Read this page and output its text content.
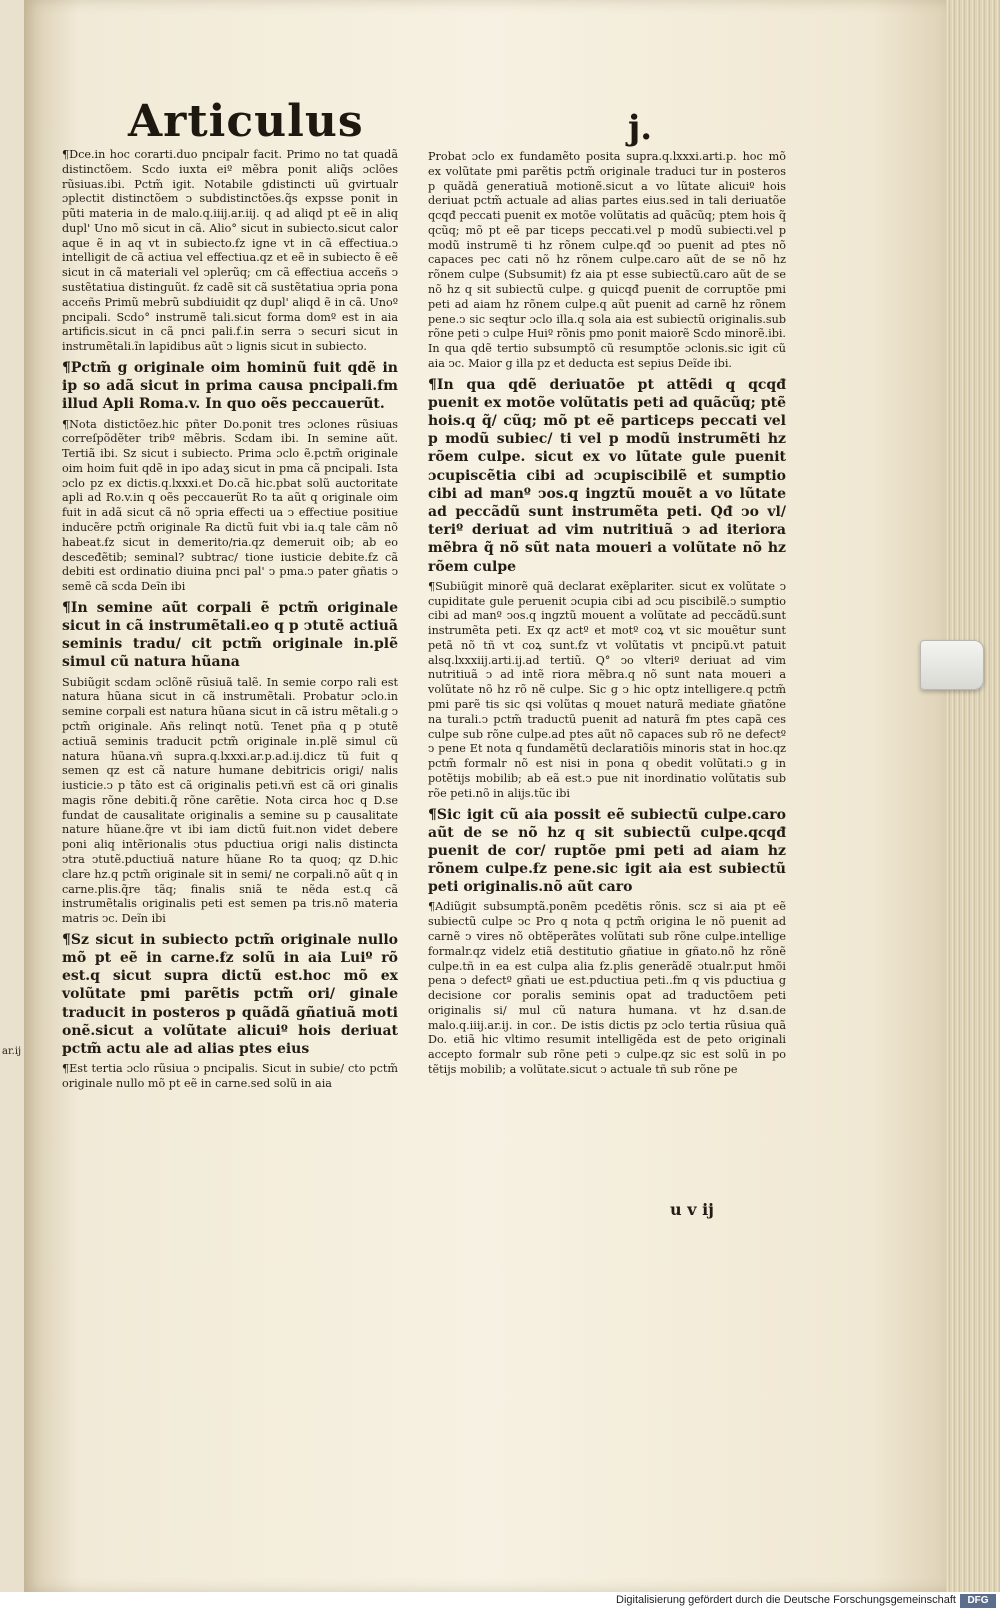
Articulus	j.
ar.ij

¶Dce.in hoc corarti.duo pncipalr facit. Primo no tat quadã distinctõem. Scdo iuxta eiº mẽbra ponit aliq̃s ɔclões rũsiuas.ibi. Pctm̃ igit. Notabile gdistincti uũ gvirtualr ɔplectit distinctõem ↄ subdistinctões.q̃s expsse ponit in pũti materia in de malo.q.iiij.ar.iij. q ad aliqd pt eẽ in aliq dupl' Uno mõ sicut in cã. Alio° sicut in subiecto.sicut calor aque ẽ in aq vt in subiecto.ẜz igne vt in cã effectiua.ↄ intelligit de cã actiua vel effectiua.qz et eẽ in subiecto ẽ eẽ sicut in cã materiali vel ↄplerũq; cm cã effectiua acceñs ↄ sustẽtatiua distinguũt. ẜz cadẽ sit cã sustẽtatiua ↄpria pona acceñs Primũ mebrũ subdiuidit qz dupl' aliqd ẽ in cã. Unoº pncipali. Scdo° instrumẽ tali.sicut forma domº est in aia artificis.sicut in cã pnci pali.f.in serra ↄ securi sicut in instrumẽtali.ĩn lapidibus aũt ↄ lignis sicut in subiecto.

¶Pctm̃ g originale oim hominũ fuit qdẽ in ip so adã sicut in prima causa pncipali.fm illud Apli Roma.v. In quo oẽs peccauerũt.

¶Nota distictõez.hic pñter Do.ponit tres ɔclones rũsiuas correſpõdẽter tribº mẽbris. Scdam ibi. In semine aũt. Tertiã ibi. Sz sicut i subiecto. Prima ɔclo ẽ.pctm̃ originale oim hoim fuit qdẽ in ipo adaʒ sicut in pma cã pncipali. Ista ɔclo pz ex dictis.q.lxxxi.et Do.cã hic.pbat solũ auctoritate apli ad Ro.v.in q oẽs peccauerũt Ro ta aũt q originale oim fuit in adã sicut cã nõ ↄpria effecti ua ↄ effectiue positiue inducẽre pctm̃ originale Ra dictũ fuit vbi ia.q tale cãm nõ habeat.ẜz sicut in demerito/ria.qz demeruit oib; ab eo desceđẽtib; seminal? subtrac/ tione iusticie debite.ẜz cã debiti est ordinatio diuina pnci pal' ↄ pma.ↄ pater gñatis ↄ semẽ cã scda Deĩn ibi

¶In semine aũt corpali ẽ pctm̃ originale sicut in cã instrumẽtali.eo q p ↄtutẽ actiuã seminis tradu/ cit pctm̃ originale in.plẽ simul cũ natura hũana

Subiũgit scdam ɔclõnẽ rũsiuã talẽ. In semie corpo rali est natura hũana sicut in cã instrumẽtali. Probatur ɔclo.in semine corpali est natura hũana sicut in cã istru mẽtali.g ↄ pctm̃ originale. Añs relinqt notũ. Tenet pña q p ↄtutẽ actiuã seminis traducit pctm̃ originale in.plẽ simul cũ natura hũana.vñ supra.q.lxxxi.ar.p.ad.ij.dicz tũ fuit q semen qz est cã nature humane debitricis origi/ nalis iusticie.ↄ p tãto est cã originalis peti.vñ est cã ori ginalis magis rõne debiti.q̃ rõne carẽtie. Nota circa hoc q D.se fundat de causalitate originalis a semine su p causalitate nature hũane.q̃re vt ibi iam dictũ fuit.non videt debere poni aliq intẽrionalis ↄtus pductiua origi nalis distincta ↄtra ↄtutẽ.pductiuã nature hũane Ro ta quoq; qz D.hic clare hz.q pctm̃ originale sit in semi/ ne corpali.nõ aũt q in carne.plis.q̃re tãq; finalis sniã te nẽda est.q cã instrumẽtalis originalis peti est semen pa tris.nõ materia matris ↄc. Deĩn ibi

¶Sz sicut in subiecto pctm̃ originale nullo mõ pt eẽ in carne.ẜz solũ in aia Luiº rõ est.q sicut supra dictũ est.hoc mõ ex volũtate pmi parẽtis pctm̃ ori/ ginale traducit in posteros p quãdã gñatiuã moti onẽ.sicut a volũtate alicuiº hois deriuat pctm̃ actu ale ad alias ptes eius

¶Est tertia ɔclo rũsiua ↄ pncipalis. Sicut in subie/ cto pctm̃ originale nullo mõ pt eẽ in carne.sed solũ in aia

Probat ɔclo ex fundamẽto posita supra.q.lxxxi.arti.p. hoc mõ ex volũtate pmi parẽtis pctm̃ originale traduci tur in posteros p quãdã generatiuã motionẽ.sicut a vo lũtate alicuiº hois deriuat pctm̃ actuale ad alias partes eius.sed in tali deriuatõe qcqđ peccati puenit ex motõe volũtatis ad quãcũq; ptem hois q̃ qcũq; mõ pt eẽ par ticeps peccati.vel p modũ subiecti.vel p modũ instrumẽ ti hz rõnem culpe.qđ ↄo puenit ad ptes nõ capaces pec cati nõ hz rõnem culpe.caro aũt de se nõ hz rõnem culpe (Subsumit) ẜz aia pt esse subiectũ.caro aũt de se nõ hz q sit subiectũ culpe. g quicqđ puenit de corruptõe pmi peti ad aiam hz rõnem culpe.q aũt puenit ad carnẽ hz rõnem pene.ↄ sic seqtur ɔclo illa.q sola aia est subiectũ originalis.sub rõne peti ↄ culpe Huiº rõnis pmo ponit maiorẽ Scdo minorẽ.ibi. In qua qdẽ tertio subsumptõ cũ resumptõe ɔclonis.sic igit cũ aia ↄc. Maior g illa pz et deducta est sepius Deĩde ibi.

¶In qua qdẽ deriuatõe pt attẽdi q qcqđ puenit ex motõe volũtatis peti ad quãcũq; ptẽ hois.q q̃/ cũq; mõ pt eẽ particeps peccati vel p modũ subiec/ ti vel p modũ instrumẽti hz rõem culpe. sicut ex vo lũtate gule puenit ɔcupiscẽtia cibi ad ɔcupiscibilẽ et sumptio cibi ad manº ↄos.q ingztũ mouẽt a vo lũtate ad peccãdũ sunt instrumẽta peti. Qđ ↄo vl/ teriº deriuat ad vim nutritiuã ↄ ad iteriora mẽbra q̃ nõ sũt nata moueri a volũtate nõ hz rõem culpe

¶Subiũgit minorẽ quã declarat exẽplariter. sicut ex volũtate ↄ cupiditate gule peruenit ɔcupia cibi ad ɔcu piscibilẽ.ↄ sumptio cibi ad manº ↄos.q ingztũ mouent a volũtate ad peccãdũ.sunt instrumẽta peti. Ex qz actº et motº coꝝ vt sic mouẽtur sunt petã nõ tñ vt coꝝ sunt.ẜz vt volũtatis vt pncipũ.vt patuit alsq.lxxxiij.arti.ij.ad tertiũ. Q° ↄo vlteriº deriuat ad vim nutritiuã ↄ ad intẽ riora mẽbra.q nõ sunt nata moueri a volũtate nõ hz rõ nẽ culpe. Sic g ↄ hic optz intelligere.q pctm̃ pmi parẽ tis sic qsi volũtas q mouet naturã mediate gñatõne na turali.ↄ pctm̃ traductũ puenit ad naturã fm ptes capã ces culpe sub rõne culpe.ad ptes aũt nõ capaces sub rõ ne defectº ↄ pene Et nota q fundamẽtũ declaratiõis minoris stat in hoc.qz pctm̃ formalr nõ est nisi in pona q obedit volũtati.ↄ g in potẽtijs mobilib; ab eã est.ↄ pue nit inordinatio volũtatis sub rõe peti.nõ in alijs.tũc ibi

¶Sic igit cũ aia possit eẽ subiectũ culpe.caro aũt de se nõ hz q sit subiectũ culpe.qcqđ puenit de cor/ ruptõe pmi peti ad aiam hz rõnem culpe.ẜz pene.sic igit aia est subiectũ peti originalis.nõ aũt caro

¶Adiũgit subsumptã.ponẽm pcedẽtis rõnis. scz si aia pt eẽ subiectũ culpe ↄc Pro q nota q pctm̃ origina le nõ puenit ad carnẽ ↄ vires nõ obtẽperãtes volũtati sub rõne culpe.intellige formalr.qz videlz etiã destitutio gñatiue in gñato.nõ hz rõnẽ culpe.tñ in ea est culpa alia ẜz.plis generãdẽ ↄtualr.put hmõi pena ↄ defectº gñati ue est.pductiua peti..fm q vis pductiua g decisione cor poralis seminis opat ad traductõem peti originalis si/ mul cũ natura humana. vt hz d.san.de malo.q.iiij.ar.ij. in cor.. De istis dictis pz ɔclo tertia rũsiua quã Do. etiã hic vltimo resumit intelligẽda est de peto originali accepto formalr sub rõne peti ↄ culpe.qz sic est solũ in po tẽtijs mobilib; a volũtate.sicut ↄ actuale tñ sub rõne pe

u v ij
Digitalisierung gefördert durch die Deutsche Forschungsgemeinschaft	DFG
